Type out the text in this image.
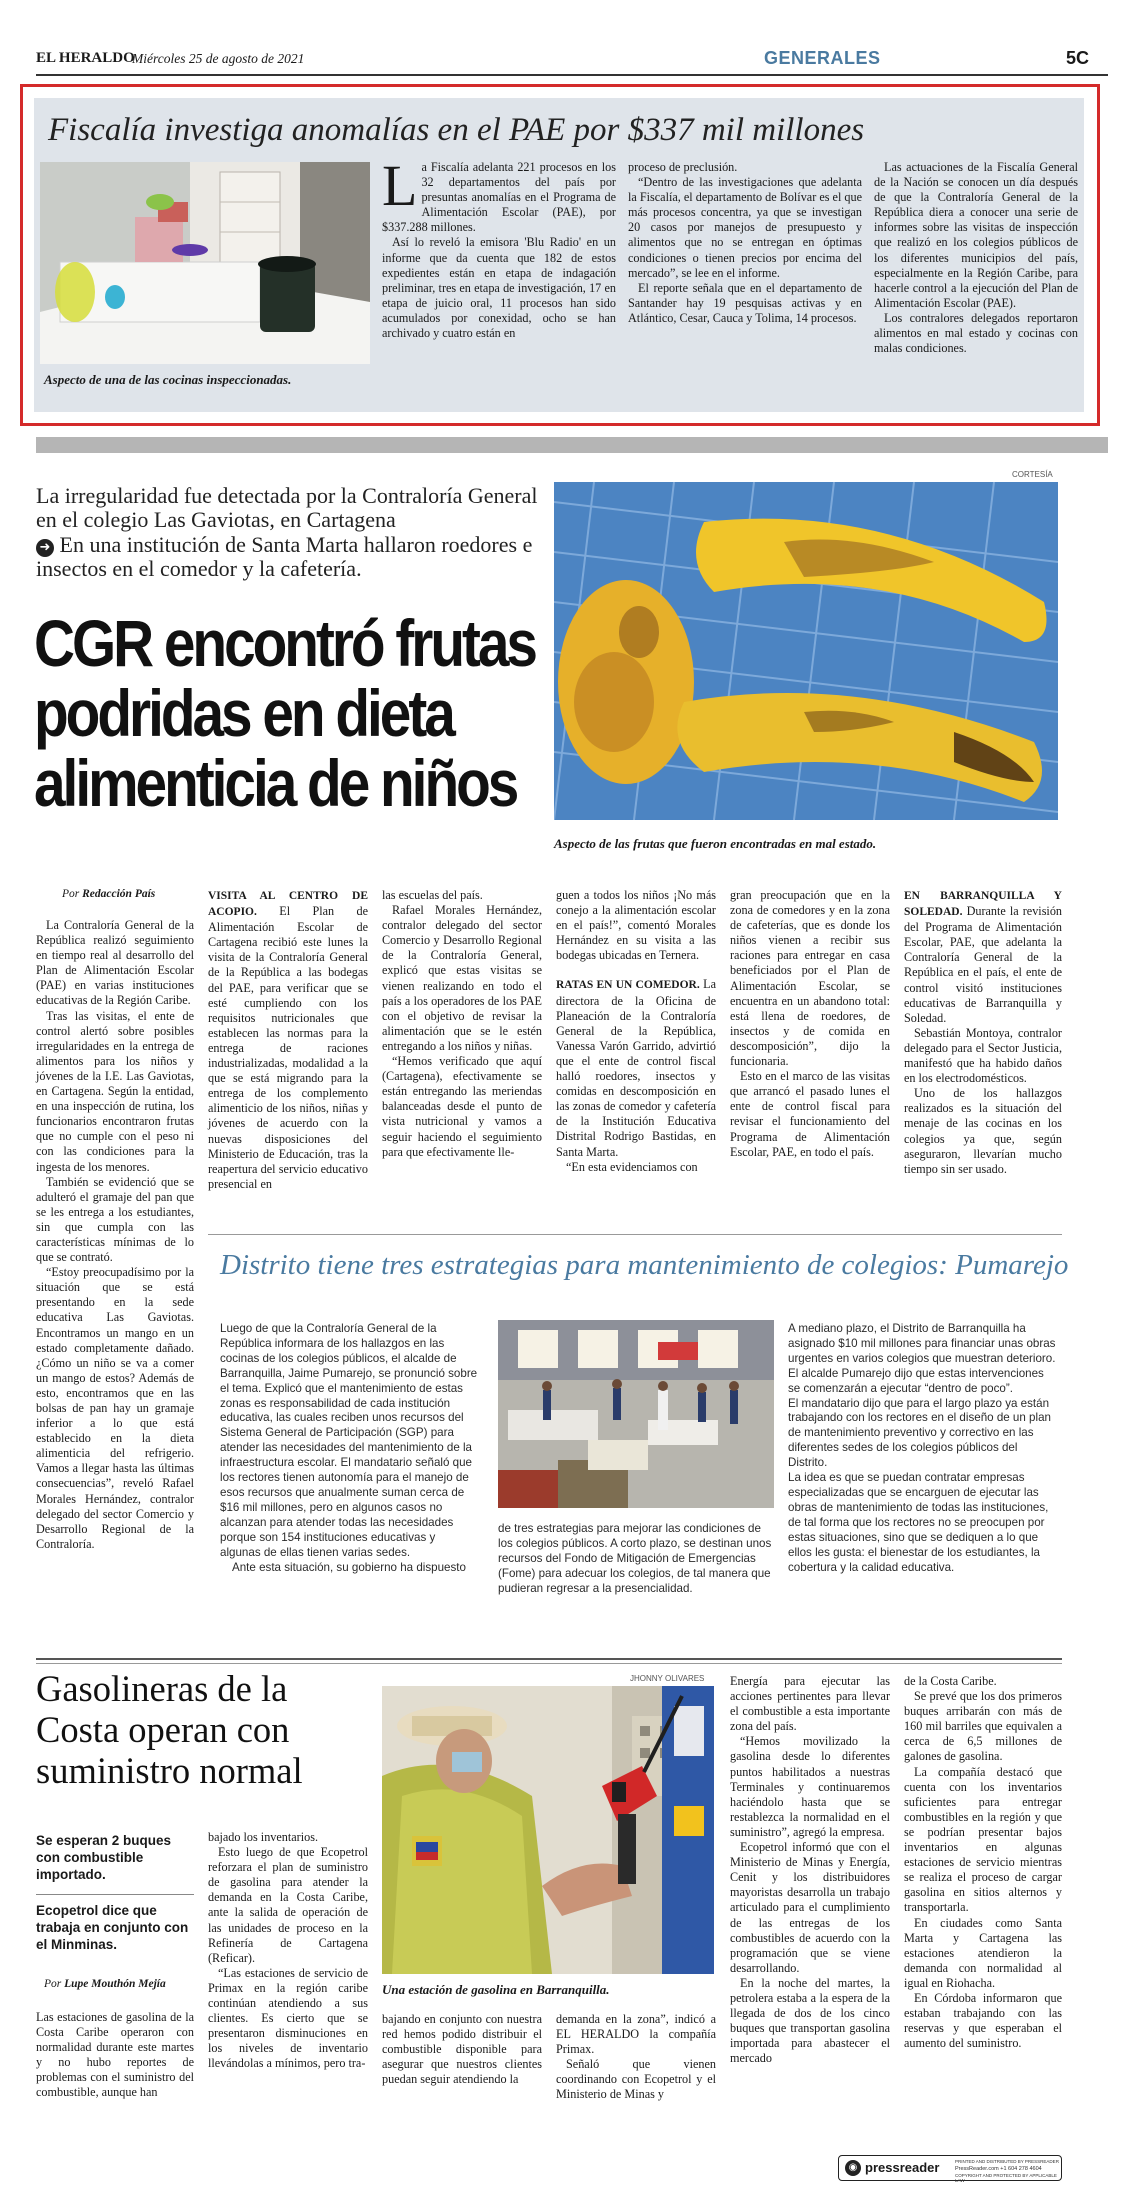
EL HERALDO
Miércoles 25 de agosto de 2021	GENERALES	5C
Fiscalía investiga anomalías en el PAE por $337 mil millones
Aspecto de una de las cocinas inspeccionadas.

La Fiscalía adelanta 221 procesos en los 32 departamentos del país por presuntas anomalías en el Programa de Alimentación Escolar (PAE), por $337.288 millones.

Así lo reveló la emisora 'Blu Radio' en un informe que da cuenta que 182 de estos expedientes están en etapa de indagación preliminar, tres en etapa de investigación, 17 en etapa de juicio oral, 11 procesos han sido acumulados por conexidad, ocho se han archivado y cuatro están en

proceso de preclusión.

“Dentro de las investigaciones que adelanta la Fiscalía, el departamento de Bolívar es el que más procesos concentra, ya que se investigan 20 casos por manejos de presupuesto y alimentos que no se entregan en óptimas condiciones o tienen precios por encima del mercado”, se lee en el informe.

El reporte señala que en el departamento de Santander hay 19 pesquisas activas y en Atlántico, Cesar, Cauca y Tolima, 14 procesos.

Las actuaciones de la Fiscalía General de la Nación se conocen un día después de que la Contraloría General de la República diera a conocer una serie de informes sobre las visitas de inspección que realizó en los colegios públicos de los diferentes municipios del país, especialmente en la Región Caribe, para hacerle control a la ejecución del Plan de Alimentación Escolar (PAE).

Los contralores delegados reportaron alimentos en mal estado y cocinas con malas condiciones.

La irregularidad fue detectada por la Contraloría General en el colegio Las Gaviotas, en Cartagena
➜ En una institución de Santa Marta hallaron roedores e insectos en el comedor y la cafetería.
CGR encontró frutas podridas en dieta alimenticia de niños
CORTESÍA
Aspecto de las frutas que fueron encontradas en mal estado.
Por Redacción País

La Contraloría General de la República realizó seguimiento en tiempo real al desarrollo del Plan de Alimentación Escolar (PAE) en varias instituciones educativas de la Región Caribe.

Tras las visitas, el ente de control alertó sobre posibles irregularidades en la entrega de alimentos para los niños y jóvenes de la I.E. Las Gaviotas, en Cartagena. Según la entidad, en una inspección de rutina, los funcionarios encontraron frutas que no cumple con el peso ni con las condiciones para la ingesta de los menores.

También se evidenció que se adulteró el gramaje del pan que se les entrega a los estudiantes, sin que cumpla con las características mínimas de lo que se contrató.

“Estoy preocupadísimo por la situación que se está presentando en la sede educativa Las Gaviotas. Encontramos un mango en un estado completamente dañado. ¿Cómo un niño se va a comer un mango de estos? Además de esto, encontramos que en las bolsas de pan hay un gramaje inferior a lo que está establecido en la dieta alimenticia del refrigerio. Vamos a llegar hasta las últimas consecuencias”, reveló Rafael Morales Hernández, contralor delegado del sector Comercio y Desarrollo Regional de la Contraloría.

VISITA AL CENTRO DE ACOPIO. El Plan de Alimentación Escolar de Cartagena recibió este lunes la visita de la Contraloría General de la República a las bodegas del PAE, para verificar que se esté cumpliendo con los requisitos nutricionales que establecen las normas para la entrega de raciones industrializadas, modalidad a la que se está migrando para la entrega de los complemento alimenticio de los niños, niñas y jóvenes de acuerdo con la nuevas disposiciones del Ministerio de Educación, tras la reapertura del servicio educativo presencial en

las escuelas del país.

Rafael Morales Hernández, contralor delegado del sector Comercio y Desarrollo Regional de la Contraloría General, explicó que estas visitas se vienen realizando en todo el país a los operadores de los PAE con el objetivo de revisar la alimentación que se le estén entregando a los niños y niñas.

“Hemos verificado que aquí (Cartagena), efectivamente se están entregando las meriendas balanceadas desde el punto de vista nutricional y vamos a seguir haciendo el seguimiento para que efectivamente lle-

guen a todos los niños ¡No más conejo a la alimentación escolar en el país!”, comentó Morales Hernández en su visita a las bodegas ubicadas en Ternera.

RATAS EN UN COMEDOR. La directora de la Oficina de Planeación de la Contraloría General de la República, Vanessa Varón Garrido, advirtió que el ente de control fiscal halló roedores, insectos y comidas en descomposición en las zonas de comedor y cafetería de la Institución Educativa Distrital Rodrigo Bastidas, en Santa Marta.

“En esta evidenciamos con

gran preocupación que en la zona de comedores y en la zona de cafeterías, que es donde los niños vienen a recibir sus raciones para entregar en casa beneficiados por el Plan de Alimentación Escolar, se encuentra en un abandono total: está llena de roedores, de insectos y de comida en descomposición”, dijo la funcionaria.

Esto en el marco de las visitas que arrancó el pasado lunes el ente de control fiscal para revisar el funcionamiento del Programa de Alimentación Escolar, PAE, en todo el país.

EN BARRANQUILLA Y SOLEDAD. Durante la revisión del Programa de Alimentación Escolar, PAE, que adelanta la Contraloría General de la República en el país, el ente de control visitó instituciones educativas de Barranquilla y Soledad.

Sebastián Montoya, contralor delegado para el Sector Justicia, manifestó que ha habido daños en los electrodomésticos.

Uno de los hallazgos realizados es la situación del menaje de las cocinas en los colegios ya que, según aseguraron, llevarían mucho tiempo sin ser usado.

Distrito tiene tres estrategias para mantenimiento de colegios: Pumarejo

Luego de que la Contraloría General de la República informara de los hallazgos en las cocinas de los colegios públicos, el alcalde de Barranquilla, Jaime Pumarejo, se pronunció sobre el tema. Explicó que el mantenimiento de estas zonas es responsabilidad de cada institución educativa, las cuales reciben unos recursos del Sistema General de Participación (SGP) para atender las necesidades del mantenimiento de la infraestructura escolar. El mandatario señaló que los rectores tienen autonomía para el manejo de esos recursos que anualmente suman cerca de $16 mil millones, pero en algunos casos no alcanzan para atender todas las necesidades porque son 154 instituciones educativas y algunas de ellas tienen varias sedes.

Ante esta situación, su gobierno ha dispuesto

de tres estrategias para mejorar las condiciones de los colegios públicos. A corto plazo, se destinan unos recursos del Fondo de Mitigación de Emergencias (Fome) para adecuar los colegios, de tal manera que pudieran regresar a la presencialidad.

A mediano plazo, el Distrito de Barranquilla ha asignado $10 mil millones para financiar unas obras urgentes en varios colegios que muestran deterioro. El alcalde Pumarejo dijo que estas intervenciones se comenzarán a ejecutar “dentro de poco”.

El mandatario dijo que para el largo plazo ya están trabajando con los rectores en el diseño de un plan de mantenimiento preventivo y correctivo en las diferentes sedes de los colegios públicos del Distrito.

La idea es que se puedan contratar empresas especializadas que se encarguen de ejecutar las obras de mantenimiento de todas las instituciones, de tal forma que los rectores no se preocupen por estas situaciones, sino que se dediquen a lo que ellos les gusta: el bienestar de los estudiantes, la cobertura y la calidad educativa.

Gasolineras de la Costa operan con suministro normal
Se esperan 2 buques con combustible importado.
Ecopetrol dice que trabaja en conjunto con el Minminas.
Por Lupe Mouthón Mejía

Las estaciones de gasolina de la Costa Caribe operaron con normalidad durante este martes y no hubo reportes de problemas con el suministro del combustible, aunque han

bajado los inventarios.

Esto luego de que Ecopetrol reforzara el plan de suministro de gasolina para atender la demanda en la Costa Caribe, ante la salida de operación de las unidades de proceso en la Refinería de Cartagena (Reficar).

“Las estaciones de servicio de Primax en la región caribe continúan atendiendo a sus clientes. Es cierto que se presentaron disminuciones en los niveles de inventario llevándolas a mínimos, pero tra-

JHONNY OLIVARES
Una estación de gasolina en Barranquilla.

bajando en conjunto con nuestra red hemos podido distribuir el combustible disponible para asegurar que nuestros clientes puedan seguir atendiendo la

demanda en la zona”, indicó a EL HERALDO la compañía Primax.

Señaló que vienen coordinando con Ecopetrol y el Ministerio de Minas y

Energía para ejecutar las acciones pertinentes para llevar el combustible a esta importante zona del país.

“Hemos movilizado la gasolina desde lo diferentes puntos habilitados a nuestras Terminales y continuaremos haciéndolo hasta que se restablezca la normalidad en el suministro”, agregó la empresa.

Ecopetrol informó que con el Ministerio de Minas y Energía, Cenit y los distribuidores mayoristas desarrolla un trabajo articulado para el cumplimiento de las entregas de los combustibles de acuerdo con la programación que se viene desarrollando.

En la noche del martes, la petrolera estaba a la espera de la llegada de dos de los cinco buques que transportan gasolina importada para abastecer el mercado

de la Costa Caribe.

Se prevé que los dos primeros buques arribarán con más de 160 mil barriles que equivalen a cerca de 6,5 millones de galones de gasolina.

La compañía destacó que cuenta con los inventarios suficientes para entregar combustibles en la región y que se podrían presentar bajos inventarios en algunas estaciones de servicio mientras se realiza el proceso de cargar gasolina en sitios alternos y transportarla.

En ciudades como Santa Marta y Cartagena las estaciones atendieron la demanda con normalidad al igual en Riohacha.

En Córdoba informaron que estaban trabajando con las reservas y que esperaban el aumento del suministro.

◉ pressreader	PRINTED AND DISTRIBUTED BY PRESSREADER
PressReader.com +1 604 278 4604
COPYRIGHT AND PROTECTED BY APPLICABLE LAW
